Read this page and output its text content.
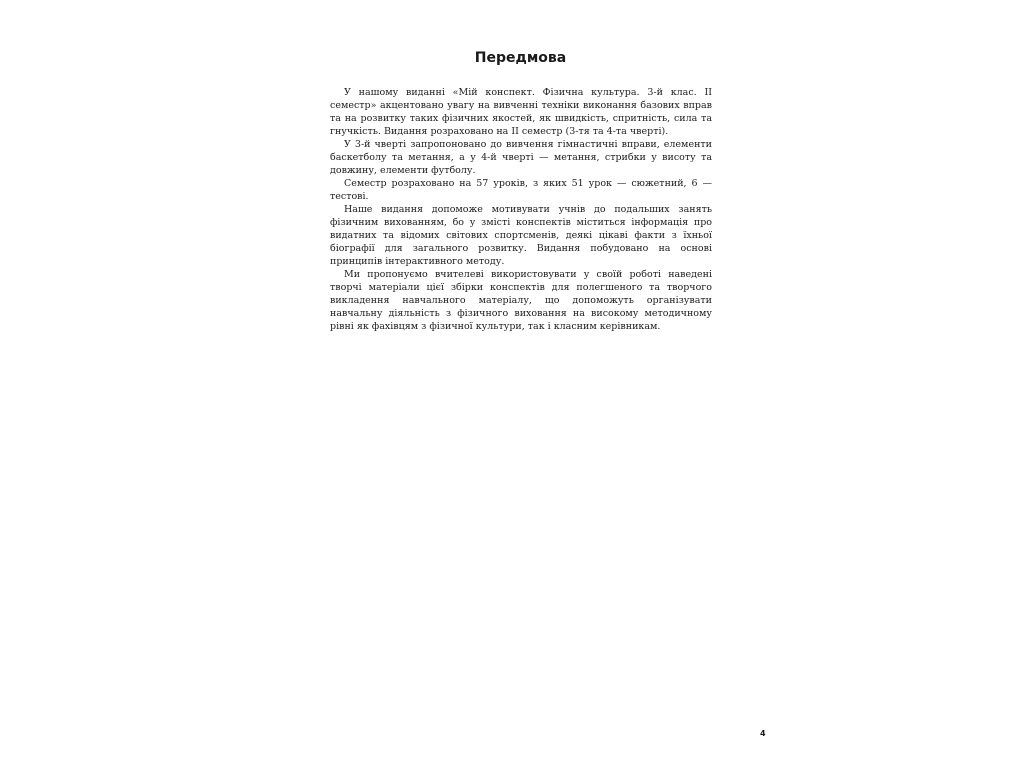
Передмова

У нашому виданні «Мій конспект. Фізична культура. 3-й клас. ІІ семестр» акцентовано увагу на вивченні техніки виконання базових вправ та на розвитку таких фізичних якостей, як швидкість, спритність, сила та гнучкість. Видання розраховано на ІІ семестр (3-тя та 4-та чверті).

У 3-й чверті запропоновано до вивчення гімнастичні вправи, елементи баскетболу та метання, а у 4-й чверті — метання, стрибки у висоту та довжину, елементи футболу.

Семестр розраховано на 57 уроків, з яких 51 урок — сюжетний, 6 — тестові.

Наше видання допоможе мотивувати учнів до подальших занять фізичним вихованням, бо у змісті конспектів міститься інформація про видатних та відомих світових спортсменів, деякі цікаві факти з їхньої біографії для загального розвитку. Видання побудовано на основі принципів інтерактивного методу.

Ми пропонуємо вчителеві використовувати у своїй роботі наведені творчі матеріали цієї збірки конспектів для полегшеного та творчого викладення навчального матеріалу, що допоможуть організувати навчальну діяльність з фізичного виховання на високому методичному рівні як фахівцям з фізичної культури, так і класним керівникам.

4
